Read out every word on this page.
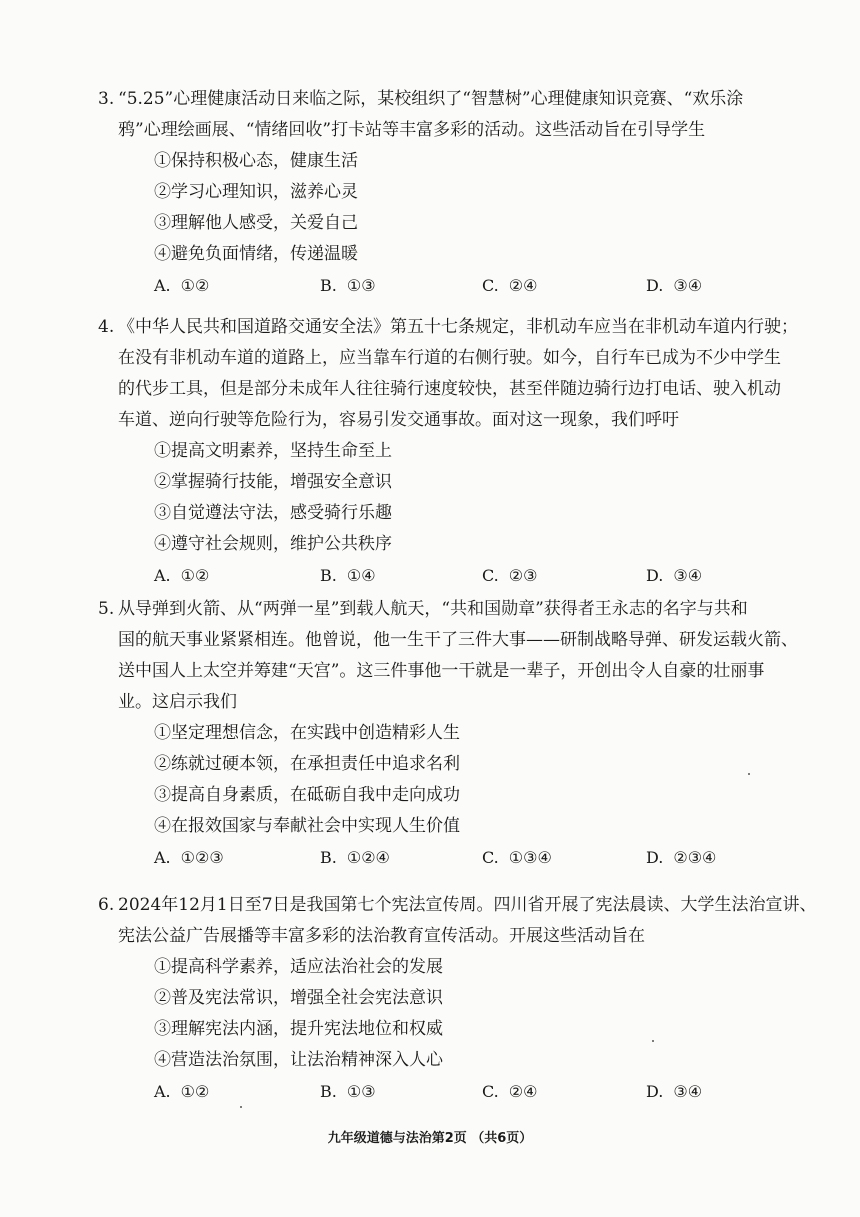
3. “5.25”心理健康活动日来临之际，某校组织了“智慧树”心理健康知识竞赛、“欢乐涂
鸦”心理绘画展、“情绪回收”打卡站等丰富多彩的活动。这些活动旨在引导学生
①保持积极心态，健康生活
②学习心理知识，滋养心灵
③理解他人感受，关爱自己
④避免负面情绪，传递温暖
A. ①②	B. ①③	C. ②④	D. ③④
4. 《中华人民共和国道路交通安全法》第五十七条规定，非机动车应当在非机动车道内行驶；
在没有非机动车道的道路上，应当靠车行道的右侧行驶。如今，自行车已成为不少中学生
的代步工具，但是部分未成年人往往骑行速度较快，甚至伴随边骑行边打电话、驶入机动
车道、逆向行驶等危险行为，容易引发交通事故。面对这一现象，我们呼吁
①提高文明素养，坚持生命至上
②掌握骑行技能，增强安全意识
③自觉遵法守法，感受骑行乐趣
④遵守社会规则，维护公共秩序
A. ①②	B. ①④	C. ②③	D. ③④
5. 从导弹到火箭、从“两弹一星”到载人航天，“共和国勋章”获得者王永志的名字与共和
国的航天事业紧紧相连。他曾说，他一生干了三件大事——研制战略导弹、研发运载火箭、
送中国人上太空并筹建“天宫”。这三件事他一干就是一辈子，开创出令人自豪的壮丽事
业。这启示我们
①坚定理想信念，在实践中创造精彩人生
②练就过硬本领，在承担责任中追求名利
③提高自身素质，在砥砺自我中走向成功
④在报效国家与奉献社会中实现人生价值
A. ①②③	B. ①②④	C. ①③④	D. ②③④
6. 2024年12月1日至7日是我国第七个宪法宣传周。四川省开展了宪法晨读、大学生法治宣讲、
宪法公益广告展播等丰富多彩的法治教育宣传活动。开展这些活动旨在
①提高科学素养，适应法治社会的发展
②普及宪法常识，增强全社会宪法意识
③理解宪法内涵，提升宪法地位和权威
④营造法治氛围，让法治精神深入人心
A. ①②	B. ①③	C. ②④	D. ③④
九年级道德与法治第2页 （共6页）
